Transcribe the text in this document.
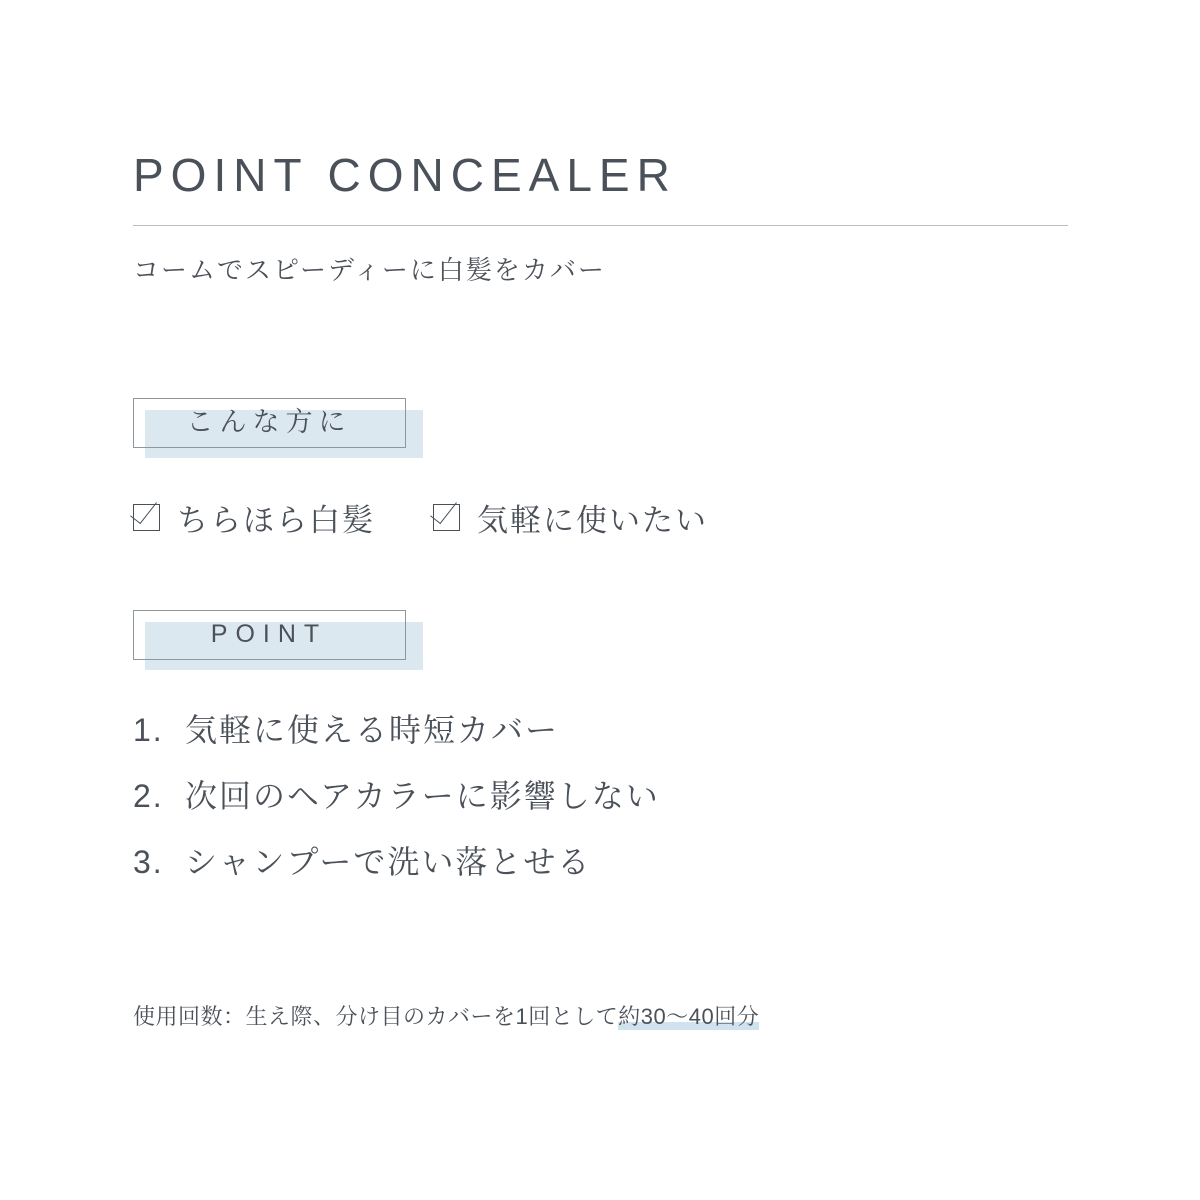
POINT CONCEALER
コームでスピーディーに白髪をカバー
こんな方に
ちらほら白髪	気軽に使いたい
POINT
1. 気軽に使える時短カバー
2. 次回のヘアカラーに影響しない
3. シャンプーで洗い落とせる
使用回数：生え際、分け目のカバーを1回として約30〜40回分
